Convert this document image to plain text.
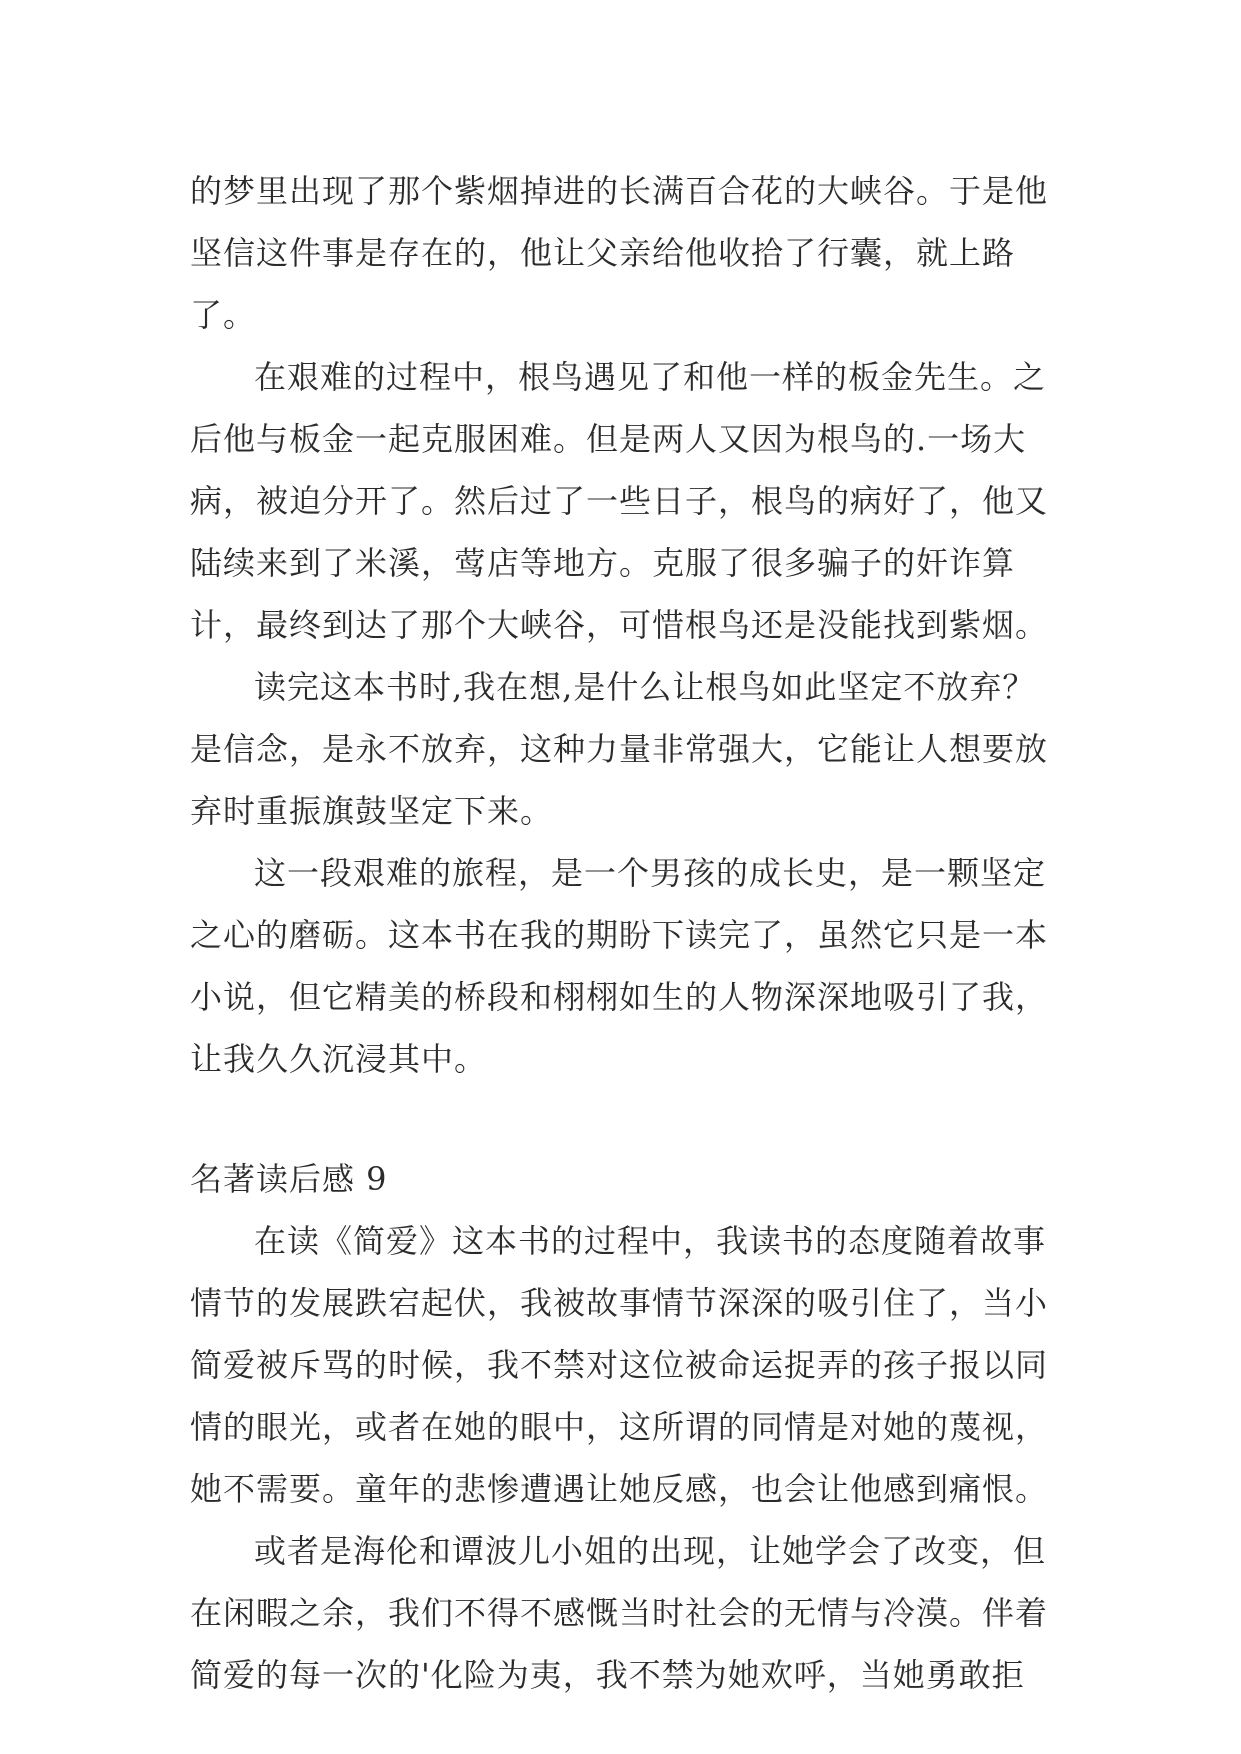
的梦里出现了那个紫烟掉进的长满百合花的大峡谷。于是他坚信这件事是存在的，他让父亲给他收拾了行囊，就上路了。

在艰难的过程中，根鸟遇见了和他一样的板金先生。之后他与板金一起克服困难。但是两人又因为根鸟的.一场大病，被迫分开了。然后过了一些日子，根鸟的病好了，他又陆续来到了米溪，莺店等地方。克服了很多骗子的奸诈算计，最终到达了那个大峡谷，可惜根鸟还是没能找到紫烟。

读完这本书时,我在想,是什么让根鸟如此坚定不放弃？是信念，是永不放弃，这种力量非常强大，它能让人想要放弃时重振旗鼓坚定下来。

这一段艰难的旅程，是一个男孩的成长史，是一颗坚定之心的磨砺。这本书在我的期盼下读完了，虽然它只是一本小说，但它精美的桥段和栩栩如生的人物深深地吸引了我，让我久久沉浸其中。

名著读后感 9

在读《简爱》这本书的过程中，我读书的态度随着故事情节的发展跌宕起伏，我被故事情节深深的吸引住了，当小简爱被斥骂的时候，我不禁对这位被命运捉弄的孩子报以同情的眼光，或者在她的眼中，这所谓的同情是对她的蔑视，她不需要。童年的悲惨遭遇让她反感，也会让他感到痛恨。

或者是海伦和谭波儿小姐的出现，让她学会了改变，但在闲暇之余，我们不得不感慨当时社会的无情与冷漠。伴着简爱的每一次的'化险为夷，我不禁为她欢呼，当她勇敢拒
